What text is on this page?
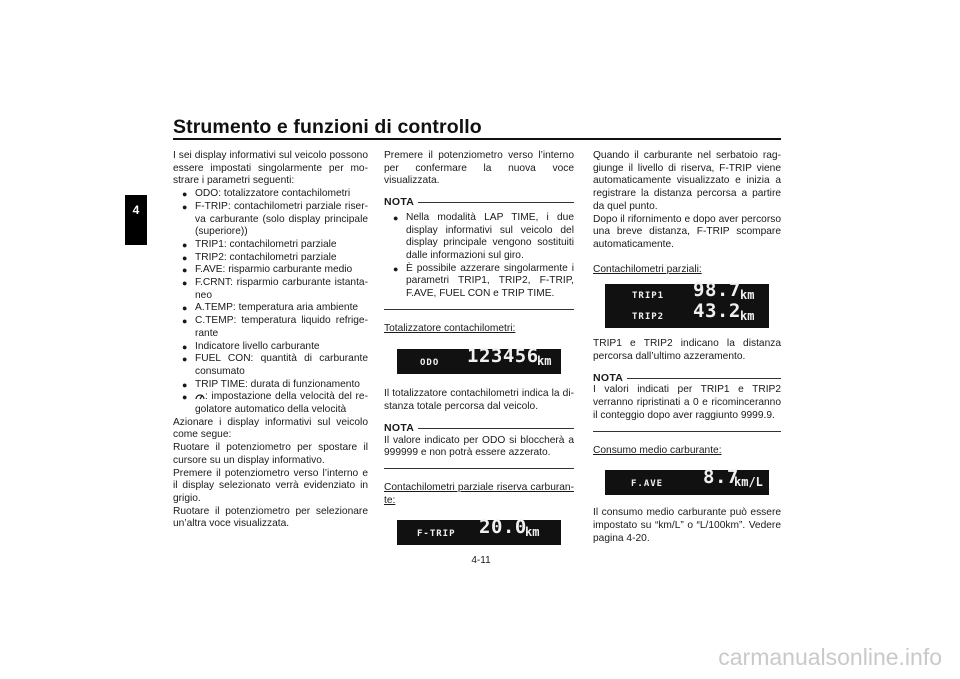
Strumento e funzioni di controllo
4

I sei display informativi sul veicolo possono essere impostati singolarmente per mostrare i parametri seguenti:

● ODO: totalizzatore contachilometri
● F-TRIP: contachilometri parziale riserva carburante (solo display principale (superiore))
● TRIP1: contachilometri parziale
● TRIP2: contachilometri parziale
● F.AVE: risparmio carburante medio
● F.CRNT: risparmio carburante istantaneo
● A.TEMP: temperatura aria ambiente
● C.TEMP: temperatura liquido refrigerante
● Indicatore livello carburante
● FUEL CON: quantità di carburante consumato
● TRIP TIME: durata di funzionamento
● : impostazione della velocità del regolatore automatico della velocità

Azionare i display informativi sul veicolo come segue:

Ruotare il potenziometro per spostare il cursore su un display informativo.

Premere il potenziometro verso l’interno e il display selezionato verrà evidenziato in grigio.

Ruotare il potenziometro per selezionare un’altra voce visualizzata.

Premere il potenziometro verso l’interno per confermare la nuova voce visualizzata.

NOTA
● Nella modalità LAP TIME, i due display informativi sul veicolo del display principale vengono sostituiti dalle informazioni sul giro.
● È possibile azzerare singolarmente i parametri TRIP1, TRIP2, F-TRIP, F.AVE, FUEL CON e TRIP TIME.

Totalizzatore contachilometri:

ODO 123456
km

Il totalizzatore contachilometri indica la distanza totale percorsa dal veicolo.

NOTA

Il valore indicato per ODO si bloccherà a 999999 e non potrà essere azzerato.

Contachilometri parziale riserva carburante:

F-TRIP 20.0
km

Quando il carburante nel serbatoio raggiunge il livello di riserva, F-TRIP viene automaticamente visualizzato e inizia a registrare la distanza percorsa a partire da quel punto.

Dopo il rifornimento e dopo aver percorso una breve distanza, F-TRIP scompare automaticamente.

Contachilometri parziali:

TRIP1 98.7 km
TRIP2 43.2 km

TRIP1 e TRIP2 indicano la distanza percorsa dall’ultimo azzeramento.

NOTA

I valori indicati per TRIP1 e TRIP2 verranno ripristinati a 0 e ricominceranno il conteggio dopo aver raggiunto 9999.9.

Consumo medio carburante:

F.AVE 8.7
km/L

Il consumo medio carburante può essere impostato su “km/L” o “L/100km”. Vedere pagina 4-20.

4-11
carmanualsonline.info
